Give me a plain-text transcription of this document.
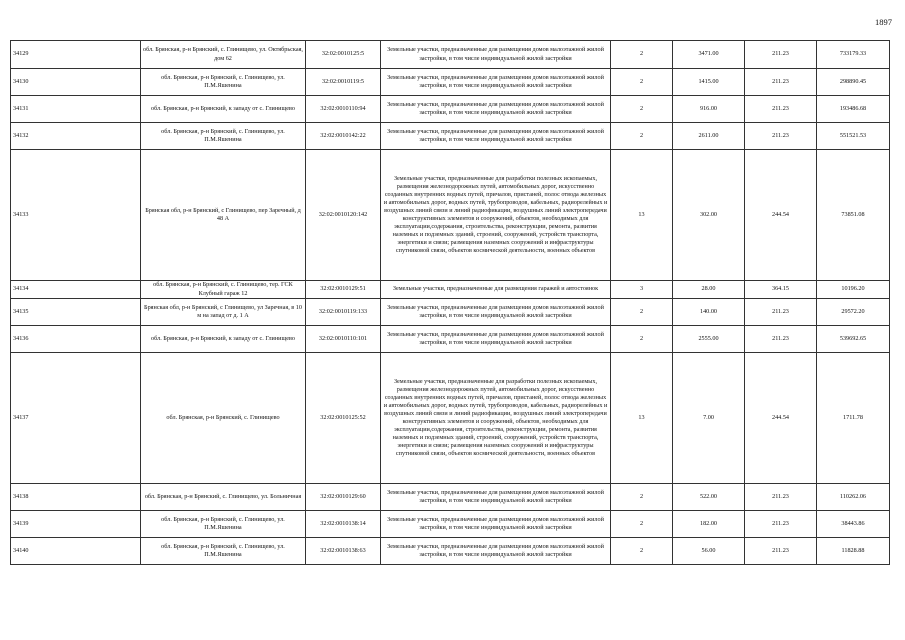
1897
34129	обл. Брянская, р-н Брянский, с. Глинищево, ул. Октябрьская, дом 62	32:02:0010125:5	Земельные участки, предназначенные для размещения домов малоэтажной жилой застройки, в том числе индивидуальной жилой застройки	2	3471.00	211.23	733179.33
34130	обл. Брянская, р-н Брянский, с. Глинищево, ул. П.М.Яшенина	32:02:0010119:5	Земельные участки, предназначенные для размещения домов малоэтажной жилой застройки, в том числе индивидуальной жилой застройки	2	1415.00	211.23	298890.45
34131	обл. Брянская, р-н Брянский, к западу от с. Глинищево	32:02:0010110:94	Земельные участки, предназначенные для размещения домов малоэтажной жилой застройки, в том числе индивидуальной жилой застройки	2	916.00	211.23	193486.68
34132	обл. Брянская, р-н Брянский, с. Глинищево, ул. П.М.Яшенина	32:02:0010142:22	Земельные участки, предназначенные для размещения домов малоэтажной жилой застройки, в том числе индивидуальной жилой застройки	2	2611.00	211.23	551521.53
34133	Брянская обл, р-н Брянский, с Глинищево, пер Заречный, д 48 А	32:02:0010120:142	Земельные участки, предназначенные для разработки полезных ископаемых, размещения железнодорожных путей, автомобильных дорог, искусственно созданных внутренних водных путей, причалов, пристаней, полос отвода железных и автомобильных дорог, водных путей, трубопроводов, кабельных, радиорелейных и воздушных линий связи и линий радиофикации, воздушных линий электропередачи конструктивных элементов и сооружений, объектов, необходимых для эксплуатации,содержания, строительства, реконструкции, ремонта, развития наземных и подземных зданий, строений, сооружений, устройств транспорта, энергетики и связи; размещения наземных сооружений и инфраструктуры спутниковой связи, объектов космической деятельности, военных объектов	13	302.00	244.54	73851.08
34134	обл. Брянская, р-н Брянский, с. Глинищево, тер. ГСК Клубный гараж 12	32:02:0010129:51	Земельные участки, предназначенные для размещения гаражей и автостоянок	3	28.00	364.15	10196.20
34135	Брянская обл, р-н Брянский, с Глинищево, ул Заречная, в 10 м на запад от д. 1 А	32:02:0010119:133	Земельные участки, предназначенные для размещения домов малоэтажной жилой застройки, в том числе индивидуальной жилой застройки	2	140.00	211.23	29572.20
34136	обл. Брянская, р-н Брянский, к западу от с. Глинищево	32:02:0010110:101	Земельные участки, предназначенные для размещения домов малоэтажной жилой застройки, в том числе индивидуальной жилой застройки	2	2555.00	211.23	539692.65
34137	обл. Брянская, р-н Брянский, с. Глинищево	32:02:0010125:52	Земельные участки, предназначенные для разработки полезных ископаемых, размещения железнодорожных путей, автомобильных дорог, искусственно созданных внутренних водных путей, причалов, пристаней, полос отвода железных и автомобильных дорог, водных путей, трубопроводов, кабельных, радиорелейных и воздушных линий связи и линий радиофикации, воздушных линий электропередачи конструктивных элементов и сооружений, объектов, необходимых для эксплуатации,содержания, строительства, реконструкции, ремонта, развития наземных и подземных зданий, строений, сооружений, устройств транспорта, энергетики и связи; размещения наземных сооружений и инфраструктуры спутниковой связи, объектов космической деятельности, военных объектов	13	7.00	244.54	1711.78
34138	обл. Брянская, р-н Брянский, с. Глинищево, ул. Больничная	32:02:0010129:60	Земельные участки, предназначенные для размещения домов малоэтажной жилой застройки, в том числе индивидуальной жилой застройки	2	522.00	211.23	110262.06
34139	обл. Брянская, р-н Брянский, с. Глинищево, ул. П.М.Яшенина	32:02:0010138:14	Земельные участки, предназначенные для размещения домов малоэтажной жилой застройки, в том числе индивидуальной жилой застройки	2	182.00	211.23	38443.86
34140	обл. Брянская, р-н Брянский, с. Глинищево, ул. П.М.Яшенина	32:02:0010138:63	Земельные участки, предназначенные для размещения домов малоэтажной жилой застройки, в том числе индивидуальной жилой застройки	2	56.00	211.23	11828.88
